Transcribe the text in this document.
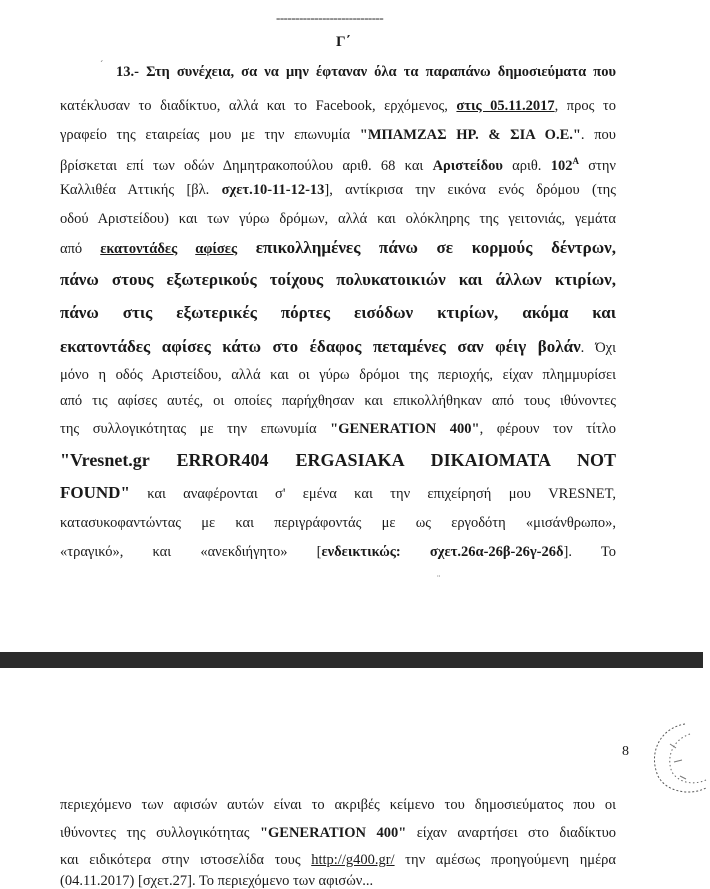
----------------------------
Γ΄
ˊ 13.- Στη συνέχεια, σα να μην έφταναν όλα τα παραπάνω δημοσιεύματα που
κατέκλυσαν το διαδίκτυο, αλλά και το Facebook, ερχόμενος, στις 05.11.2017, προς το
γραφείο της εταιρείας μου με την επωνυμία "ΜΠΑΜΖΑΣ ΗΡ. & ΣΙΑ Ο.Ε.". που
βρίσκεται επί των οδών Δημητρακοπούλου αριθ. 68 και Αριστείδου αριθ. $102^A$ στην
Καλλιθέα Αττικής [βλ. σχετ.10-11-12-13], αντίκρισα την εικόνα ενός δρόμου (της
οδού Αριστείδου) και των γύρω δρόμων, αλλά και ολόκληρης της γειτονιάς, γεμάτα
από εκατοντάδες αφίσες επικολλημένες πάνω σε κορμούς δέντρων,
πάνω στους εξωτερικούς τοίχους πολυκατοικιών και άλλων κτιρίων,
πάνω στις εξωτερικές πόρτες εισόδων κτιρίων, ακόμα και
εκατοντάδες αφίσες κάτω στο έδαφος πεταμένες σαν φέιγ βολάν. Όχι
μόνο η οδός Αριστείδου, αλλά και οι γύρω δρόμοι της περιοχής, είχαν πλημμυρίσει
από τις αφίσες αυτές, οι οποίες παρήχθησαν και επικολλήθηκαν από τους ιθύνοντες
της συλλογικότητας με την επωνυμία "GENERATION 400", φέρουν τον τίτλο
"Vresnet.gr ERROR404 ERGASIAKA DIKAIOMATA NOT
FOUND" και αναφέρονται σ' εμένα και την επιχείρησή μου VRESNET,
κατασυκοφαντώντας με και περιγράφοντάς με ως εργοδότη «μισάνθρωπο»,
«τραγικό», και «ανεκδιήγητο» [ενδεικτικώς: σχετ.26α-26β-26γ-26δ]. Το
¨
8
περιεχόμενο των αφισών αυτών είναι το ακριβές κείμενο του δημοσιεύματος που οι
ιθύνοντες της συλλογικότητας "GENERATION 400" είχαν αναρτήσει στο διαδίκτυο
και ειδικότερα στην ιστοσελίδα τους http://g400.gr/ την αμέσως προηγούμενη ημέρα
(04.11.2017) [σχετ.27]. Το περιεχόμενο των αφισών...
